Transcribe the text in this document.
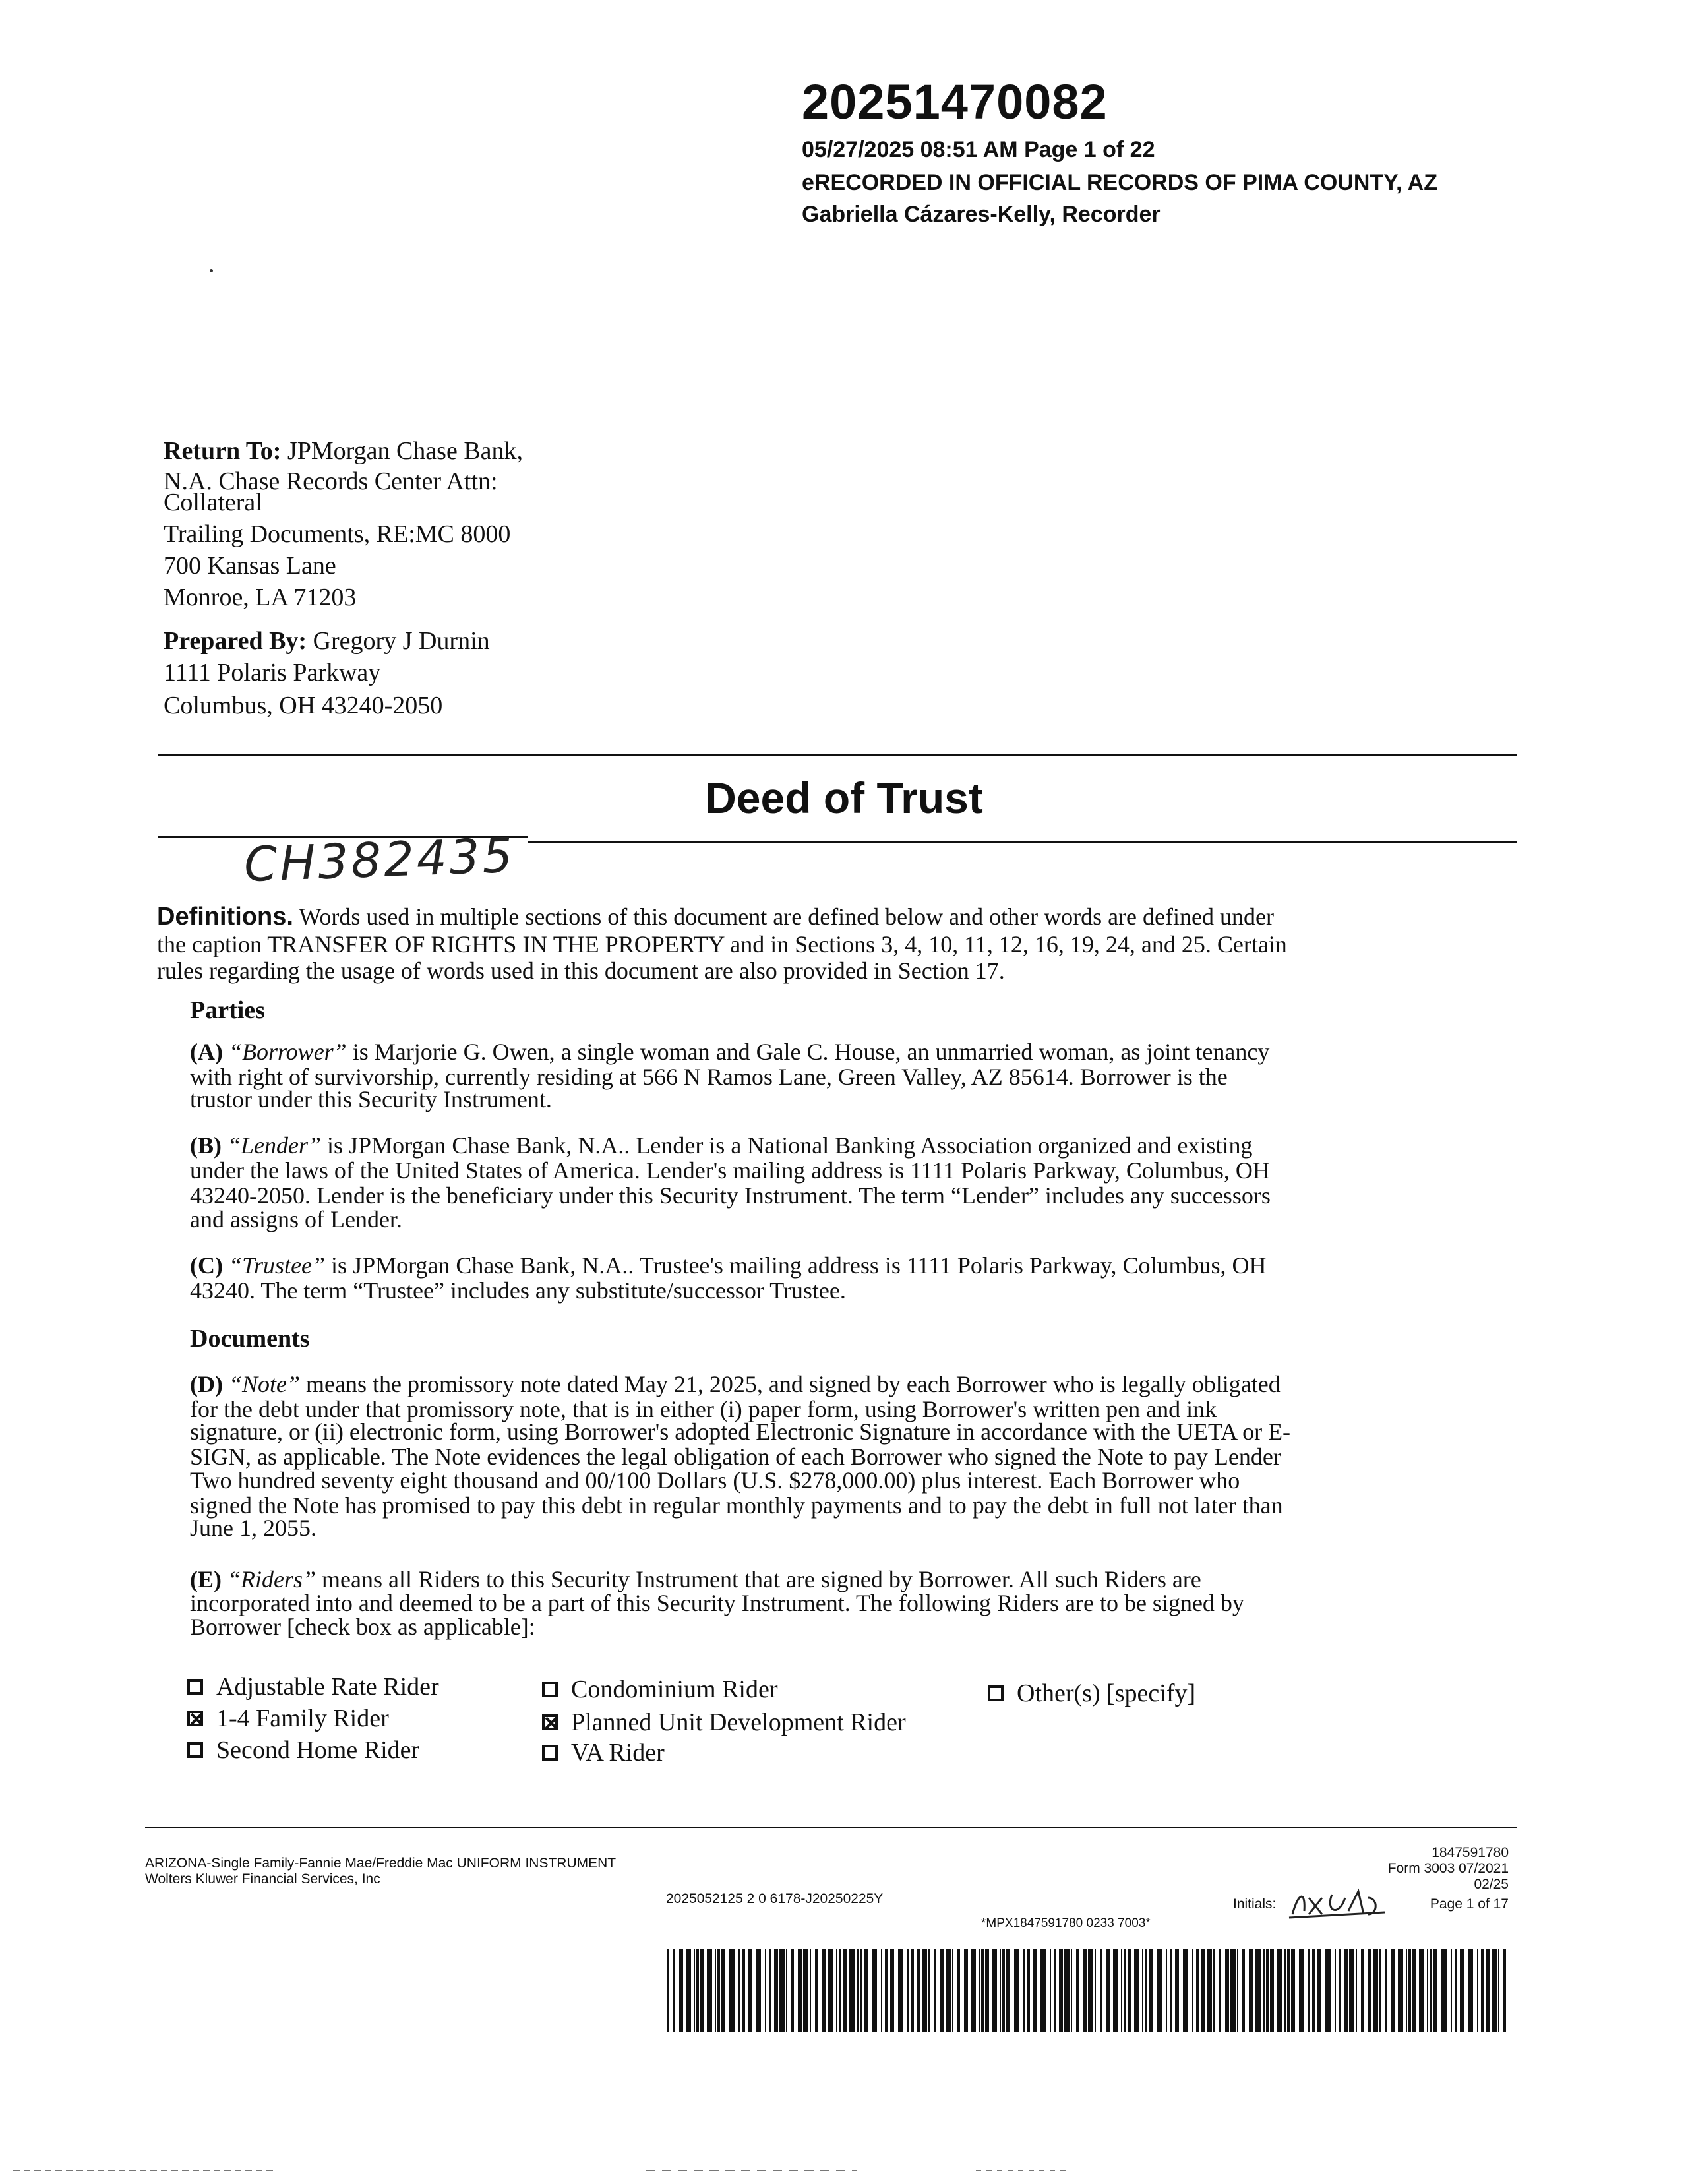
20251470082
05/27/2025 08:51 AM Page 1 of 22
eRECORDED IN OFFICIAL RECORDS OF PIMA COUNTY, AZ
Gabriella Cázares-Kelly, Recorder
Return To: JPMorgan Chase Bank,
N.A. Chase Records Center Attn:
Collateral
Trailing Documents, RE:MC 8000
700 Kansas Lane
Monroe, LA 71203
Prepared By: Gregory J Durnin
1111 Polaris Parkway
Columbus, OH 43240-2050
Deed of Trust
CH382435
Definitions. Words used in multiple sections of this document are defined below and other words are defined under
the caption TRANSFER OF RIGHTS IN THE PROPERTY and in Sections 3, 4, 10, 11, 12, 16, 19, 24, and 25. Certain
rules regarding the usage of words used in this document are also provided in Section 17.
Parties
(A) “Borrower” is Marjorie G. Owen, a single woman and Gale C. House, an unmarried woman, as joint tenancy
with right of survivorship, currently residing at 566 N Ramos Lane, Green Valley, AZ 85614. Borrower is the
trustor under this Security Instrument.
(B) “Lender” is JPMorgan Chase Bank, N.A.. Lender is a National Banking Association organized and existing
under the laws of the United States of America. Lender's mailing address is 1111 Polaris Parkway, Columbus, OH
43240-2050. Lender is the beneficiary under this Security Instrument. The term “Lender” includes any successors
and assigns of Lender.
(C) “Trustee” is JPMorgan Chase Bank, N.A.. Trustee's mailing address is 1111 Polaris Parkway, Columbus, OH
43240. The term “Trustee” includes any substitute/successor Trustee.
Documents
(D) “Note” means the promissory note dated May 21, 2025, and signed by each Borrower who is legally obligated
for the debt under that promissory note, that is in either (i) paper form, using Borrower's written pen and ink
signature, or (ii) electronic form, using Borrower's adopted Electronic Signature in accordance with the UETA or E-
SIGN, as applicable. The Note evidences the legal obligation of each Borrower who signed the Note to pay Lender
Two hundred seventy eight thousand and 00/100 Dollars (U.S. $278,000.00) plus interest. Each Borrower who
signed the Note has promised to pay this debt in regular monthly payments and to pay the debt in full not later than
June 1, 2055.
(E) “Riders” means all Riders to this Security Instrument that are signed by Borrower. All such Riders are
incorporated into and deemed to be a part of this Security Instrument. The following Riders are to be signed by
Borrower [check box as applicable]:
Adjustable Rate Rider	Condominium Rider	Other(s) [specify]
1-4 Family Rider	Planned Unit Development Rider
Second Home Rider	VA Rider
ARIZONA-Single Family-Fannie Mae/Freddie Mac UNIFORM INSTRUMENT
Wolters Kluwer Financial Services, Inc
2025052125 2 0 6178-J20250225Y
1847591780
Form 3003 07/2021
02/25
Initials:	Page 1 of 17
*MPX1847591780 0233 7003*
